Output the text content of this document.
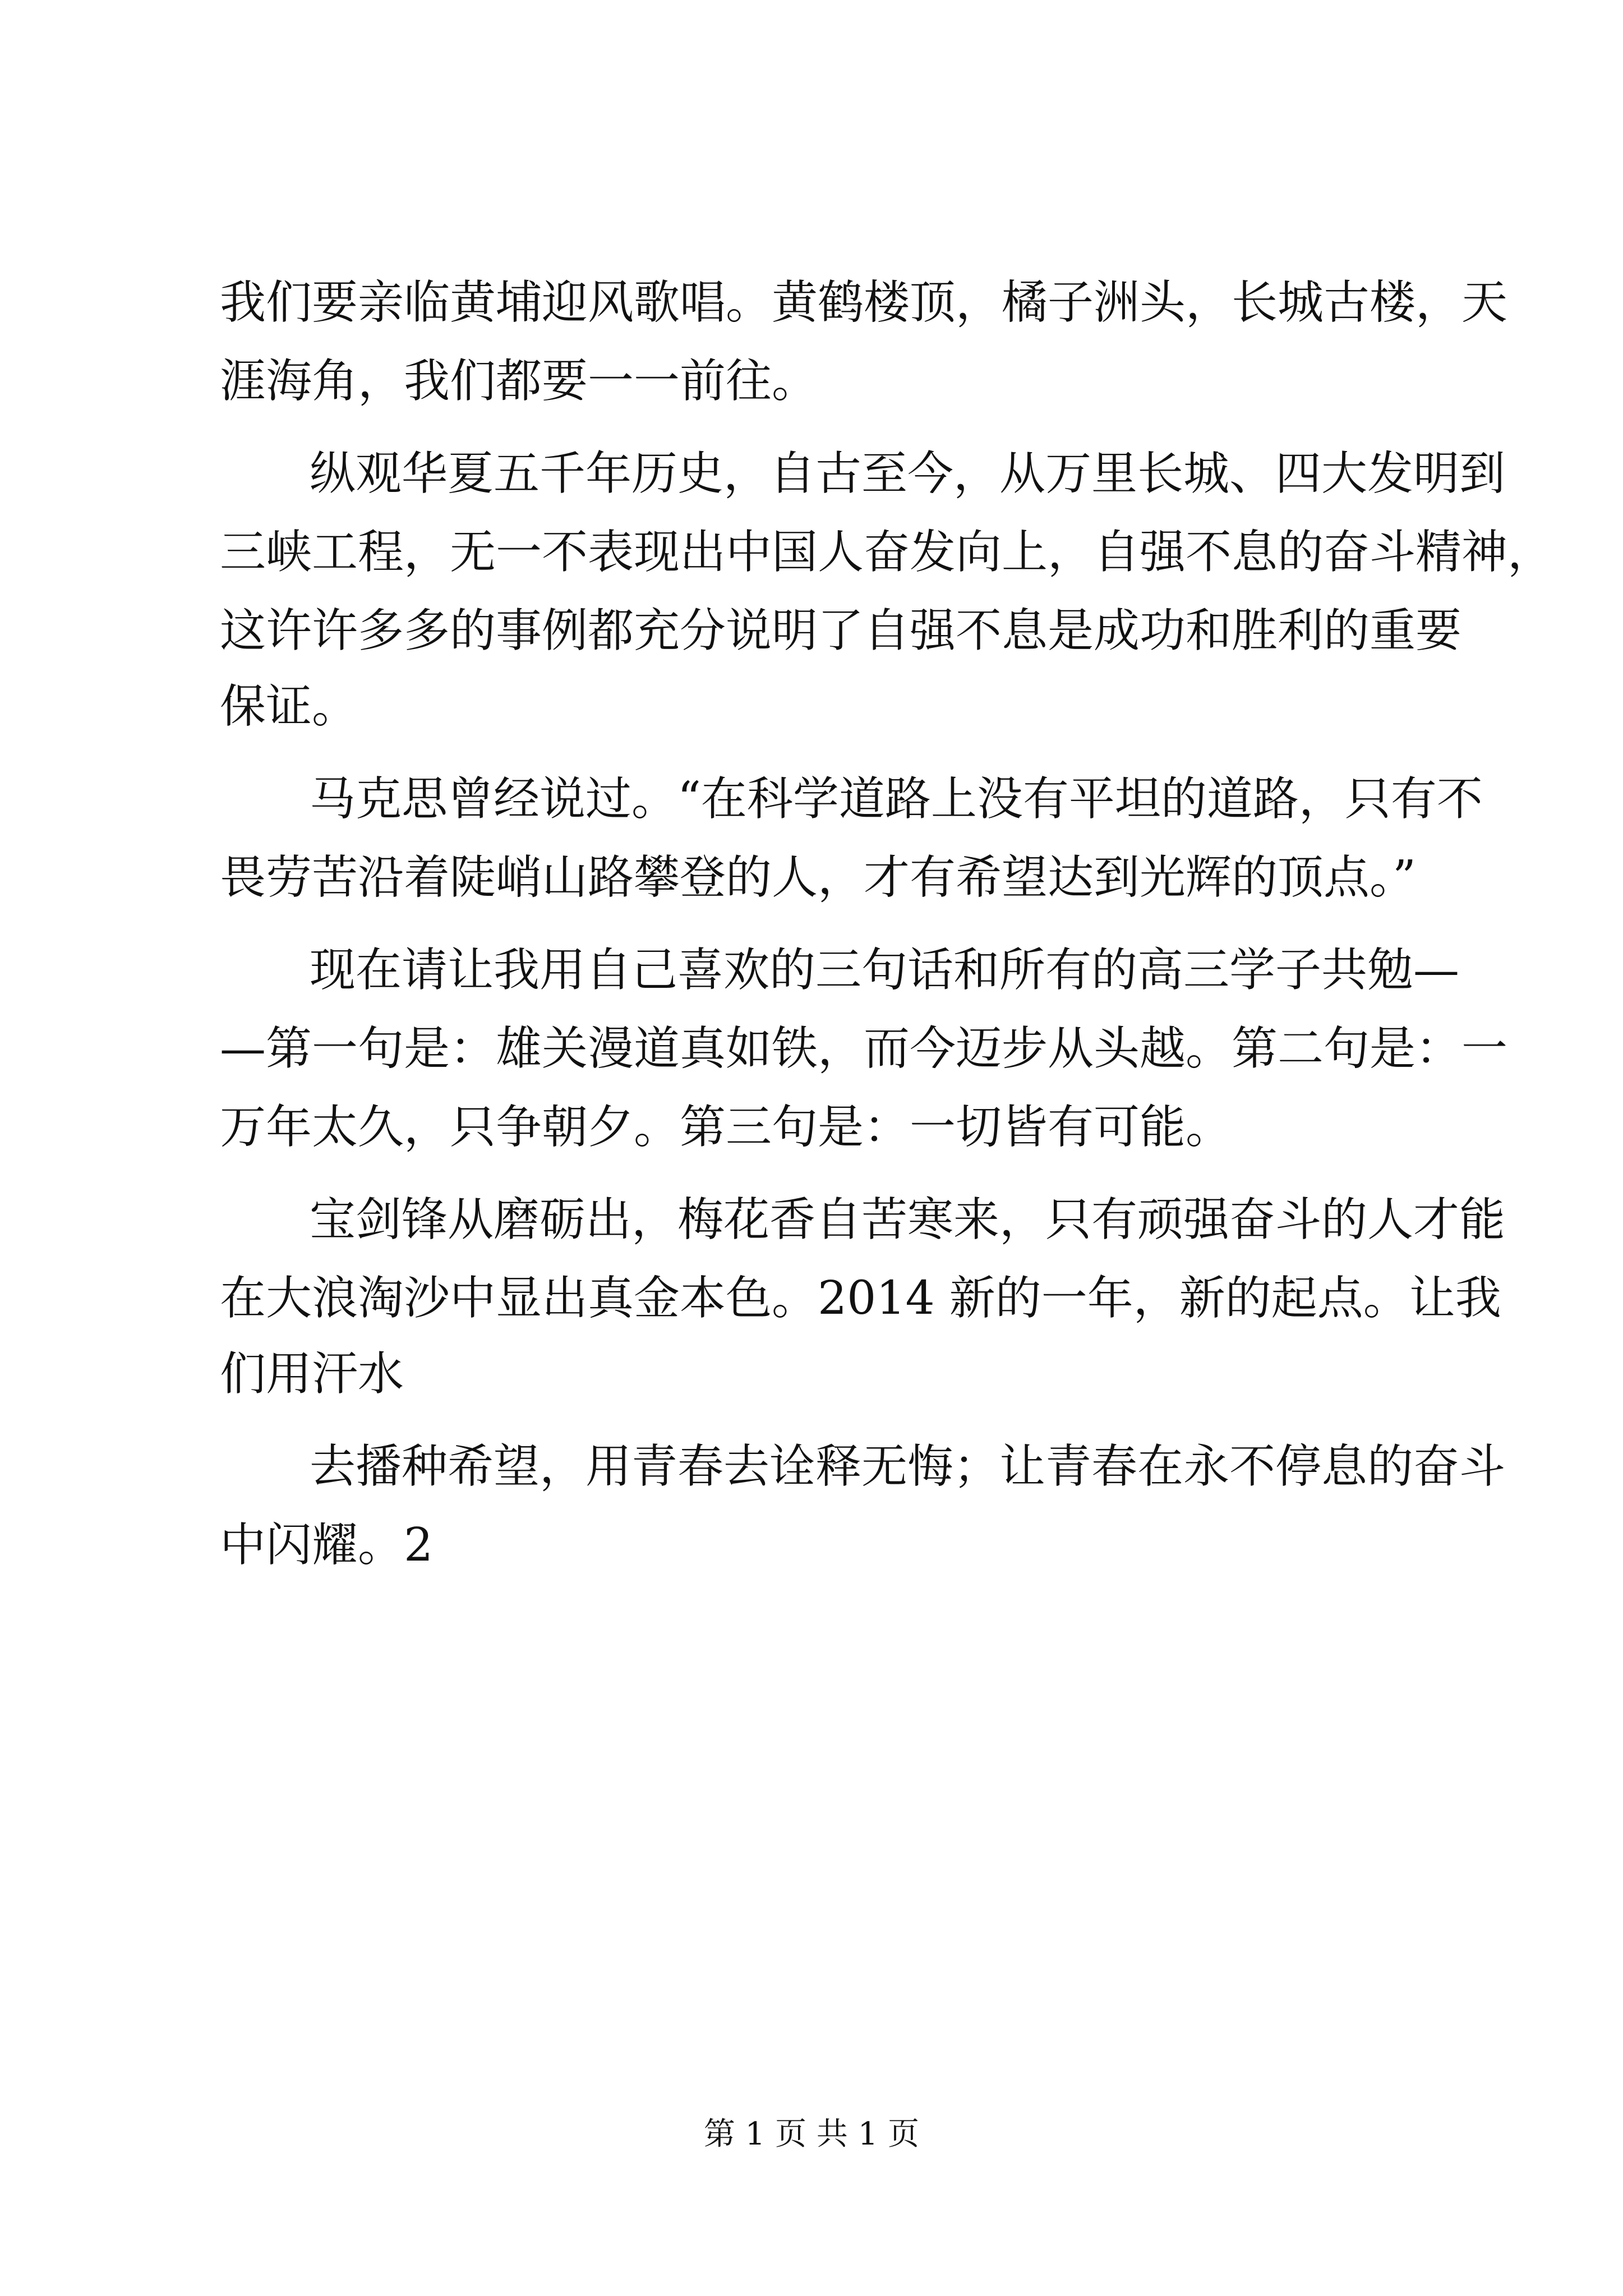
我们要亲临黄埔迎风歌唱。黄鹤楼顶，橘子洲头，长城古楼，天
涯海角，我们都要一一前往。
纵观华夏五千年历史，自古至今，从万里长城、四大发明到
三峡工程，无一不表现出中国人奋发向上，自强不息的奋斗精神，
这许许多多的事例都充分说明了自强不息是成功和胜利的重要
保证。
马克思曾经说过。“在科学道路上没有平坦的道路，只有不
畏劳苦沿着陡峭山路攀登的人，才有希望达到光辉的顶点。”
现在请让我用自己喜欢的三句话和所有的高三学子共勉—
—第一句是：雄关漫道真如铁，而今迈步从头越。第二句是：一
万年太久，只争朝夕。第三句是：一切皆有可能。
宝剑锋从磨砺出，梅花香自苦寒来，只有顽强奋斗的人才能
在大浪淘沙中显出真金本色。2014 新的一年，新的起点。让我
们用汗水
去播种希望，用青春去诠释无悔；让青春在永不停息的奋斗
中闪耀。2
第 1 页 共 1 页
